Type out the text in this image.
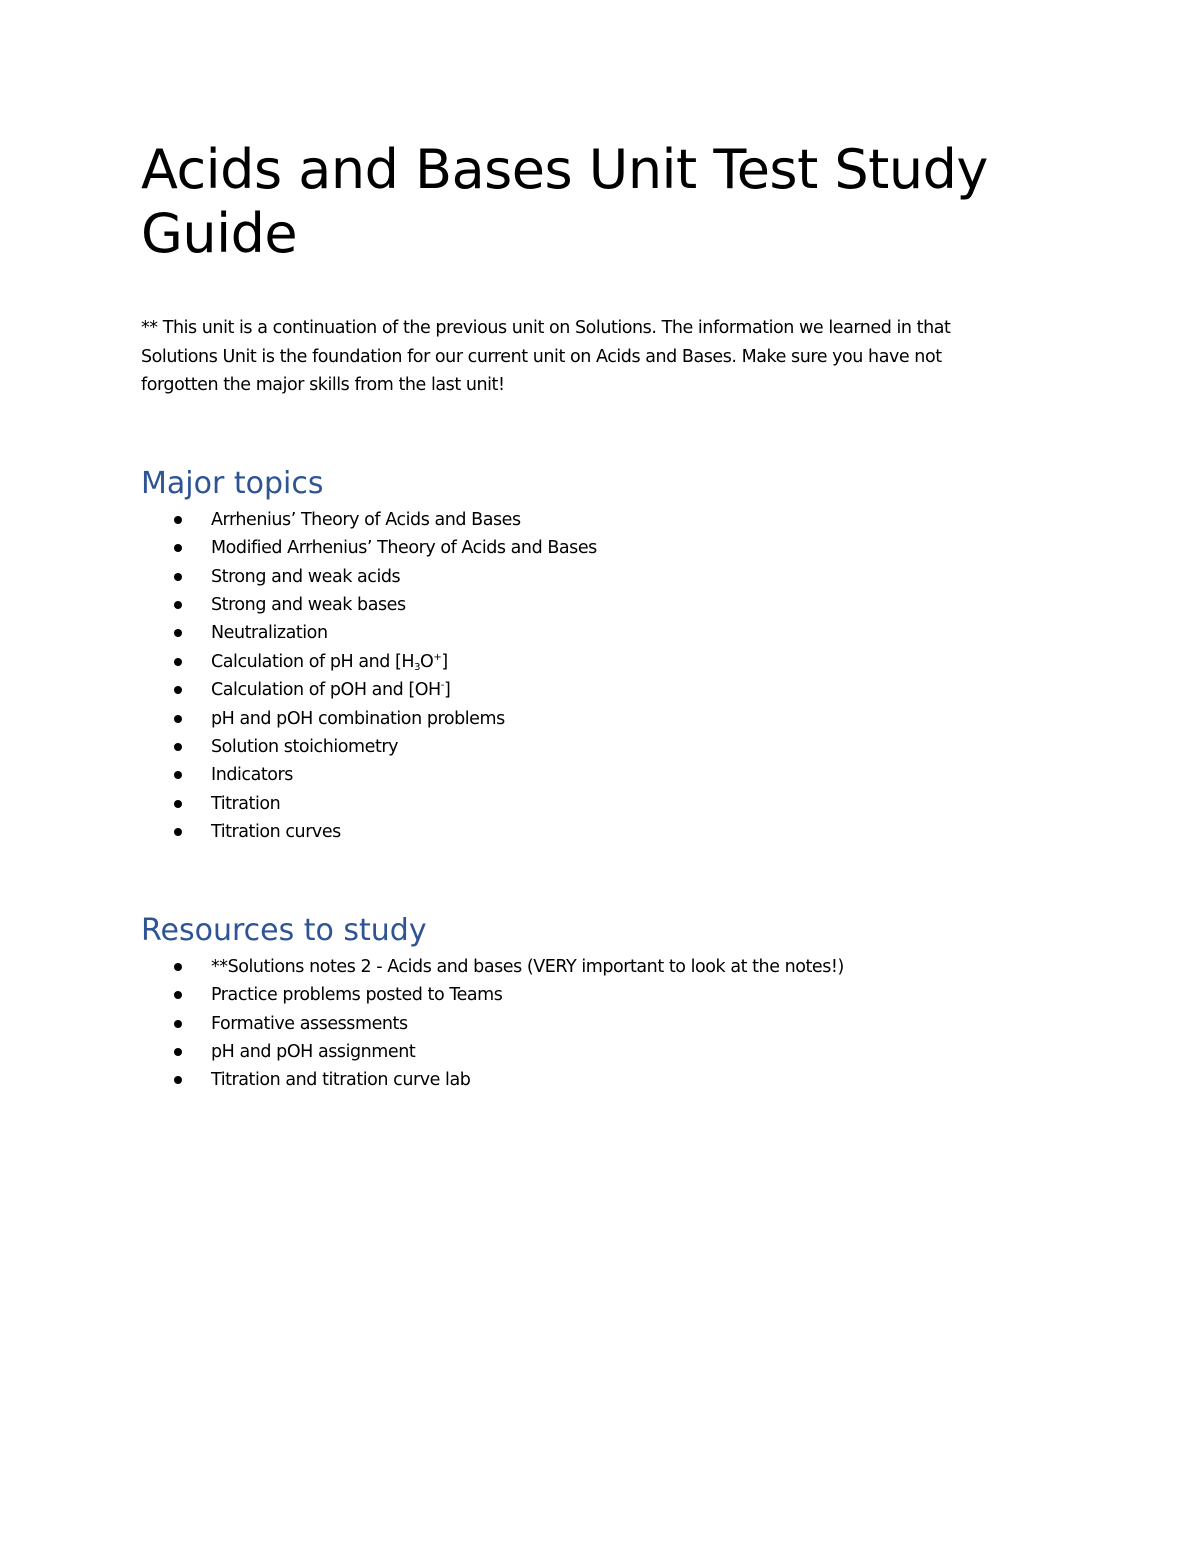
Acids and Bases Unit Test Study Guide

** This unit is a continuation of the previous unit on Solutions. The information we learned in that Solutions Unit is the foundation for our current unit on Acids and Bases. Make sure you have not forgotten the major skills from the last unit!

Major topics
Arrhenius’ Theory of Acids and Bases
Modified Arrhenius’ Theory of Acids and Bases
Strong and weak acids
Strong and weak bases
Neutralization
Calculation of pH and $[H_3O^+]$
Calculation of pOH and [OH-]
pH and pOH combination problems
Solution stoichiometry
Indicators
Titration
Titration curves
Resources to study
**Solutions notes 2 - Acids and bases (VERY important to look at the notes!)
Practice problems posted to Teams
Formative assessments
pH and pOH assignment
Titration and titration curve lab
